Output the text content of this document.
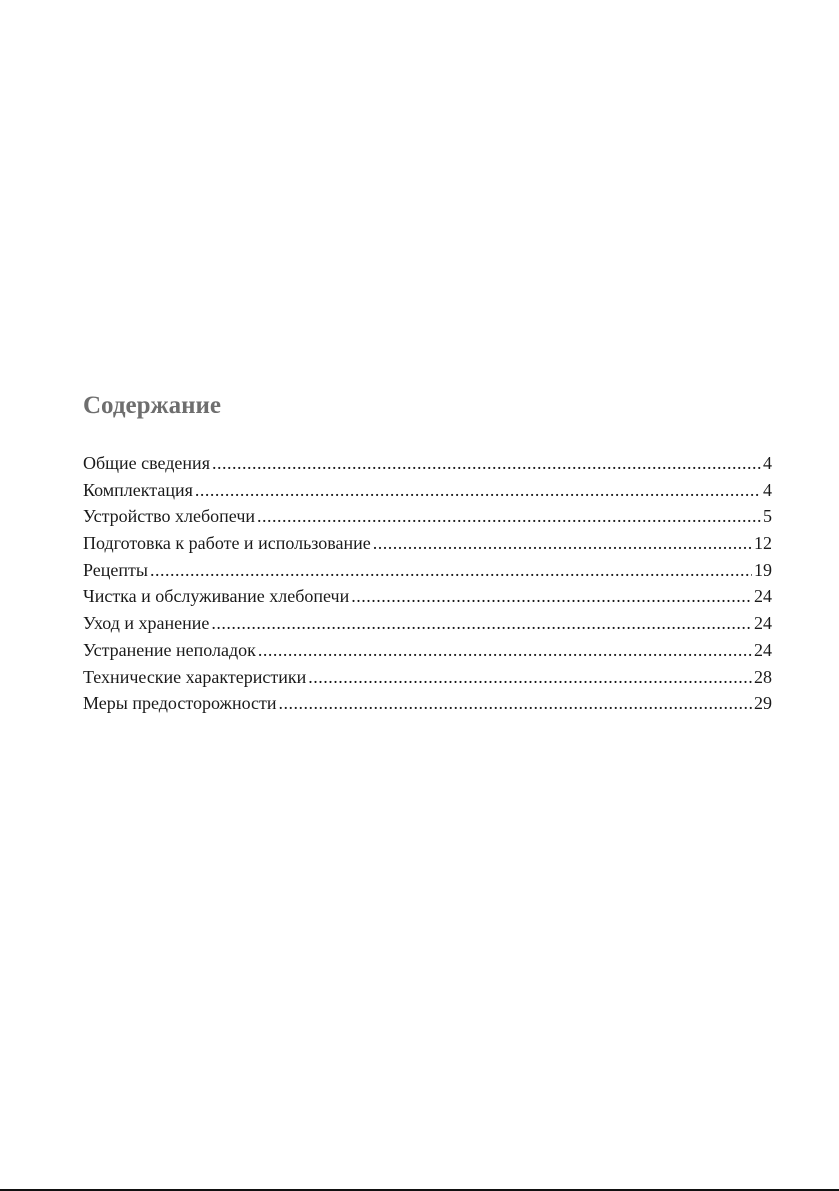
Содержание
Общие сведения .....	4
Комплектация .....	4
Устройство хлебопечи .....	5
Подготовка к работе и использование .....	12
Рецепты .....	19
Чистка и обслуживание хлебопечи .....	24
Уход и хранение .....	24
Устранение неполадок .....	24
Технические характеристики .....	28
Меры предосторожности .....	29
